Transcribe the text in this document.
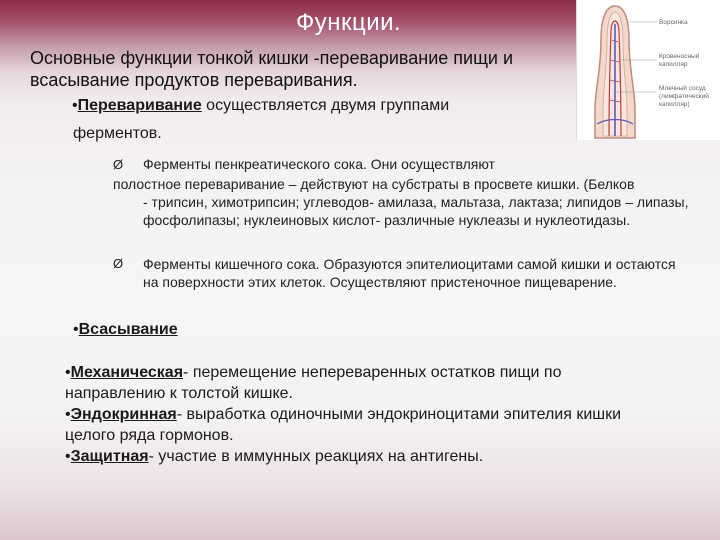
Функции.
Основные функции тонкой кишки -переваривание пищи и всасывание продуктов переваривания.
•Переваривание осуществляется двумя группами
ферментов.
Ø Ферменты пенкреатического сока. Они осуществляют
полостное переваривание – действуют на субстраты в просвете кишки. (Белков
- трипсин, химотрипсин; углеводов- амилаза, мальтаза, лактаза; липидов – липазы, фосфолипазы; нуклеиновых кислот- различные нуклеазы и нуклеотидазы.
Ø	Ферменты кишечного сока. Образуются эпителиоцитами самой кишки и остаются на поверхности этих клеток. Осуществляют пристеночное пищеварение.
•Всасывание

•Механическая- перемещение непереваренных остатков пищи по направлению к толстой кишке.

•Эндокринная- выработка одиночными эндокриноцитами эпителия кишки целого ряда гормонов.

•Защитная- участие в иммунных реакциях на антигены.

Ворсинка
Кровеносный капилляр
Млечный сосуд (лимфатический капилляр)
